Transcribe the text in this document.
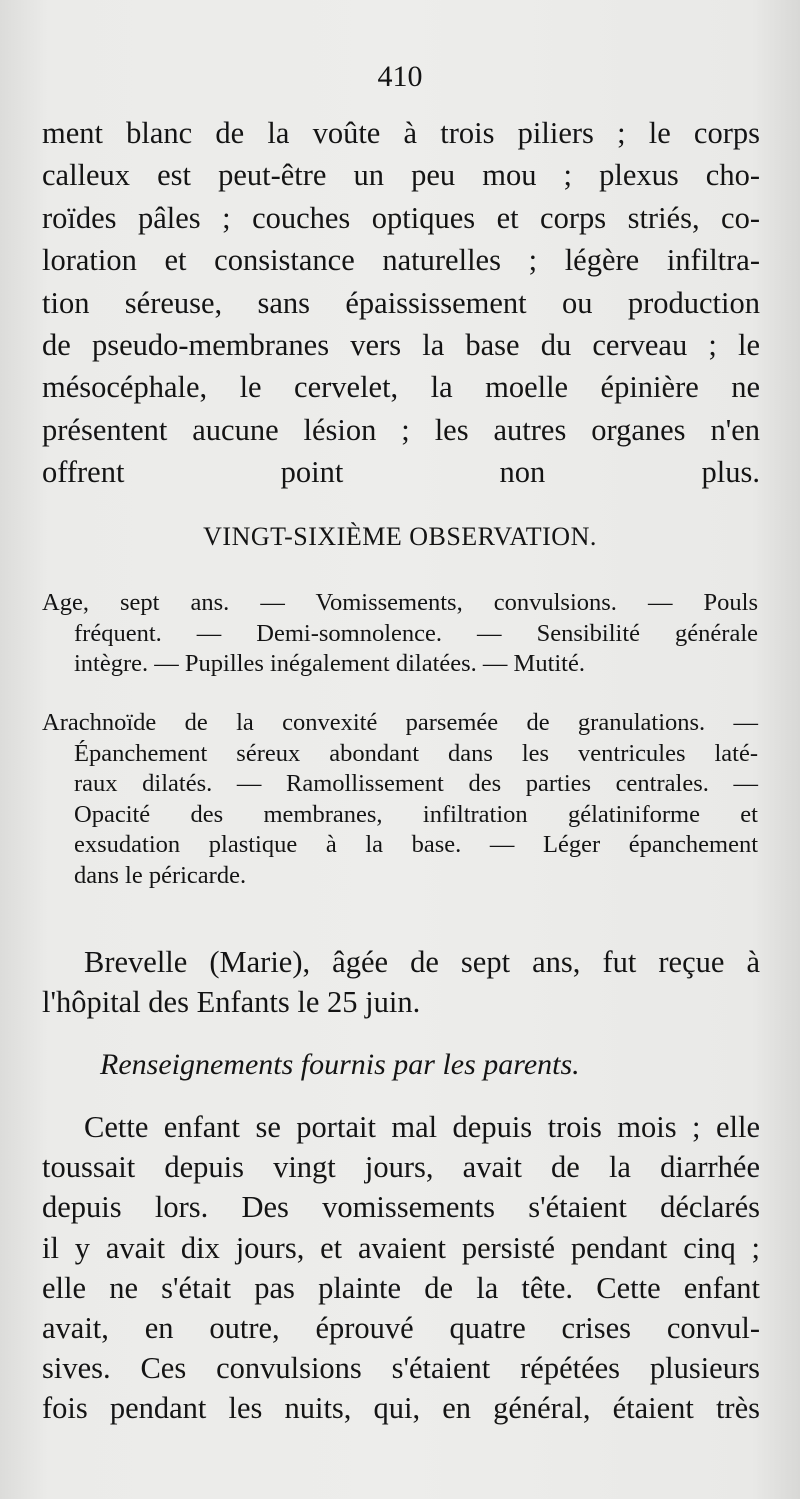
410
ment blanc de la voûte à trois piliers ; le corps
calleux est peut-être un peu mou ; plexus cho-
roïdes pâles ; couches optiques et corps striés, co-
loration et consistance naturelles ; légère infiltra-
tion séreuse, sans épaississement ou production
de pseudo-membranes vers la base du cerveau ; le
mésocéphale, le cervelet, la moelle épinière ne
présentent aucune lésion ; les autres organes n'en
offrent point non plus.
VINGT-SIXIÈME OBSERVATION.
Age, sept ans. — Vomissements, convulsions. — Pouls
fréquent. — Demi-somnolence. — Sensibilité générale
intègre. — Pupilles inégalement dilatées. — Mutité.
Arachnoïde de la convexité parsemée de granulations. —
Épanchement séreux abondant dans les ventricules laté-
raux dilatés. — Ramollissement des parties centrales. —
Opacité des membranes, infiltration gélatiniforme et
exsudation plastique à la base. — Léger épanchement
dans le péricarde.
Brevelle (Marie), âgée de sept ans, fut reçue à
l'hôpital des Enfants le 25 juin.
Renseignements fournis par les parents.
Cette enfant se portait mal depuis trois mois ; elle
toussait depuis vingt jours, avait de la diarrhée
depuis lors. Des vomissements s'étaient déclarés
il y avait dix jours, et avaient persisté pendant cinq ;
elle ne s'était pas plainte de la tête. Cette enfant
avait, en outre, éprouvé quatre crises convul-
sives. Ces convulsions s'étaient répétées plusieurs
fois pendant les nuits, qui, en général, étaient très
